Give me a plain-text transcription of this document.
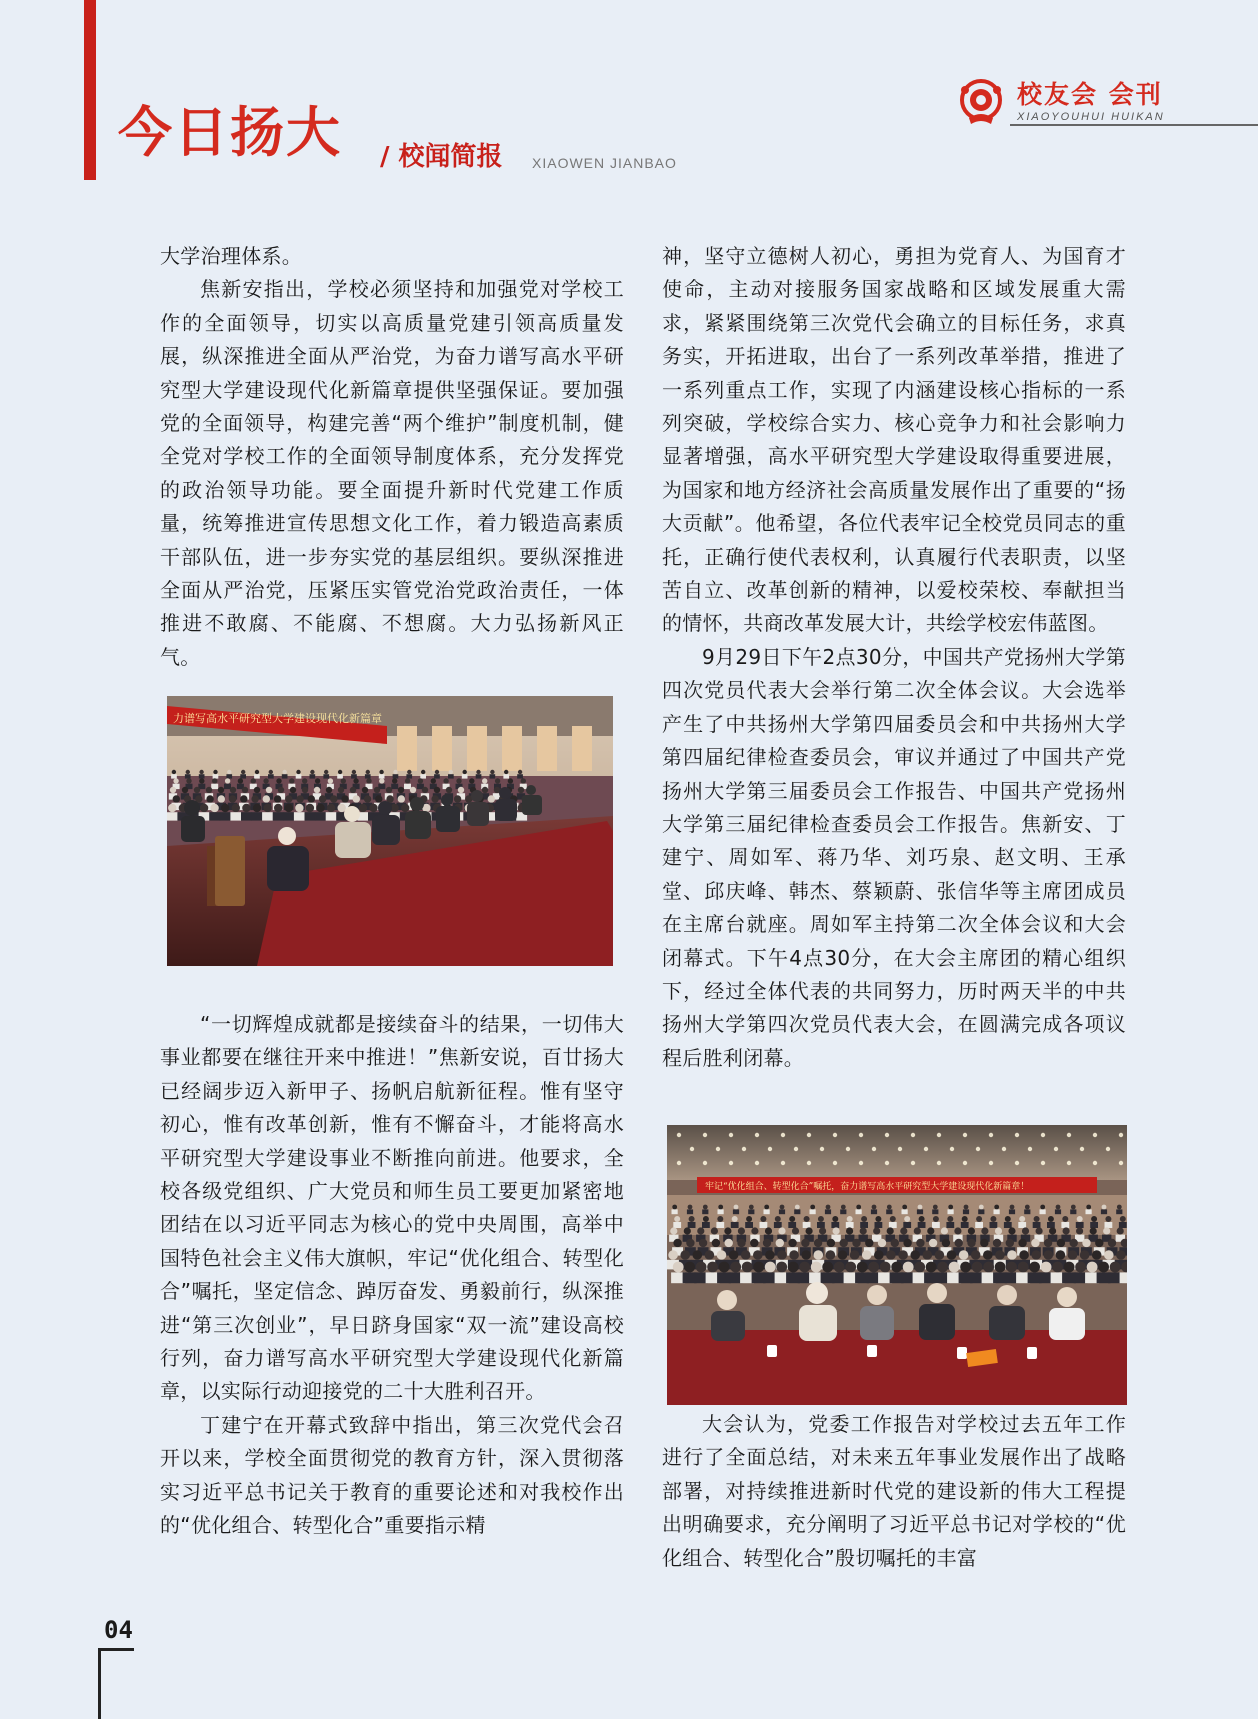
今日扬大 / 校闻简报 XIAOWEN JIANBAO
校友会 会刊
XIAOYOUHUI HUIKAN

大学治理体系。

焦新安指出，学校必须坚持和加强党对学校工作的全面领导，切实以高质量党建引领高质量发展，纵深推进全面从严治党，为奋力谱写高水平研究型大学建设现代化新篇章提供坚强保证。要加强党的全面领导，构建完善“两个维护”制度机制，健全党对学校工作的全面领导制度体系，充分发挥党的政治领导功能。要全面提升新时代党建工作质量，统筹推进宣传思想文化工作，着力锻造高素质干部队伍，进一步夯实党的基层组织。要纵深推进全面从严治党，压紧压实管党治党政治责任，一体推进不敢腐、不能腐、不想腐。大力弘扬新风正气。

力谱写高水平研究型大学建设现代化新篇章

“一切辉煌成就都是接续奋斗的结果，一切伟大事业都要在继往开来中推进！”焦新安说，百廿扬大已经阔步迈入新甲子、扬帆启航新征程。惟有坚守初心，惟有改革创新，惟有不懈奋斗，才能将高水平研究型大学建设事业不断推向前进。他要求，全校各级党组织、广大党员和师生员工要更加紧密地团结在以习近平同志为核心的党中央周围，高举中国特色社会主义伟大旗帜，牢记“优化组合、转型化合”嘱托，坚定信念、踔厉奋发、勇毅前行，纵深推进“第三次创业”，早日跻身国家“双一流”建设高校行列，奋力谱写高水平研究型大学建设现代化新篇章，以实际行动迎接党的二十大胜利召开。

丁建宁在开幕式致辞中指出，第三次党代会召开以来，学校全面贯彻党的教育方针，深入贯彻落实习近平总书记关于教育的重要论述和对我校作出的“优化组合、转型化合”重要指示精

神，坚守立德树人初心，勇担为党育人、为国育才使命，主动对接服务国家战略和区域发展重大需求，紧紧围绕第三次党代会确立的目标任务，求真务实，开拓进取，出台了一系列改革举措，推进了一系列重点工作，实现了内涵建设核心指标的一系列突破，学校综合实力、核心竞争力和社会影响力显著增强，高水平研究型大学建设取得重要进展，为国家和地方经济社会高质量发展作出了重要的“扬大贡献”。他希望，各位代表牢记全校党员同志的重托，正确行使代表权利，认真履行代表职责，以坚苦自立、改革创新的精神，以爱校荣校、奉献担当的情怀，共商改革发展大计，共绘学校宏伟蓝图。

9月29日下午2点30分，中国共产党扬州大学第四次党员代表大会举行第二次全体会议。大会选举产生了中共扬州大学第四届委员会和中共扬州大学第四届纪律检查委员会，审议并通过了中国共产党扬州大学第三届委员会工作报告、中国共产党扬州大学第三届纪律检查委员会工作报告。焦新安、丁建宁、周如军、蒋乃华、刘巧泉、赵文明、王承堂、邱庆峰、韩杰、蔡颖蔚、张信华等主席团成员在主席台就座。周如军主持第二次全体会议和大会闭幕式。下午4点30分，在大会主席团的精心组织下，经过全体代表的共同努力，历时两天半的中共扬州大学第四次党员代表大会，在圆满完成各项议程后胜利闭幕。

牢记“优化组合、转型化合”嘱托，奋力谱写高水平研究型大学建设现代化新篇章！

大会认为，党委工作报告对学校过去五年工作进行了全面总结，对未来五年事业发展作出了战略部署，对持续推进新时代党的建设新的伟大工程提出明确要求，充分阐明了习近平总书记对学校的“优化组合、转型化合”殷切嘱托的丰富

04
